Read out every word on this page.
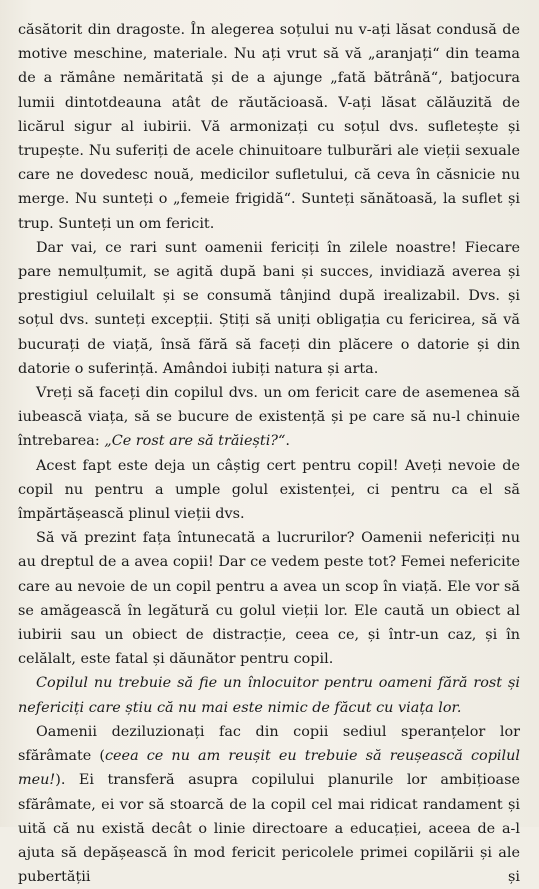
căsătorit din dragoste. În alegerea soțului nu v-ați lăsat condusă de motive meschine, materiale. Nu ați vrut să vă „aranjați“ din teama de a rămâne nemăritată și de a ajunge „fată bătrână“, batjocura lumii dintotdeauna atât de răutăcioasă. V-ați lăsat călăuzită de licărul sigur al iubirii. Vă armonizați cu soțul dvs. sufletește și trupește. Nu suferiți de acele chinuitoare tulburări ale vieții sexuale care ne dovedesc nouă, medicilor sufletului, că ceva în căsnicie nu merge. Nu sunteți o „femeie frigidă“. Sunteți sănătoasă, la suflet și trup. Sunteți un om fericit.

Dar vai, ce rari sunt oamenii fericiți în zilele noastre! Fiecare pare nemulțumit, se agită după bani și succes, invidiază averea și prestigiul celuilalt și se consumă tânjind după irealizabil. Dvs. și soțul dvs. sunteți excepții. Știți să uniți obligația cu fericirea, să vă bucurați de viață, însă fără să faceți din plăcere o datorie și din datorie o suferință. Amândoi iubiți natura și arta.

Vreți să faceți din copilul dvs. un om fericit care de asemenea să iubească viața, să se bucure de existență și pe care să nu-l chinuie întrebarea: „Ce rost are să trăiești?“.

Acest fapt este deja un câștig cert pentru copil! Aveți nevoie de copil nu pentru a umple golul existenței, ci pentru ca el să împărtășească plinul vieții dvs.

Să vă prezint fața întunecată a lucrurilor? Oamenii nefericiți nu au dreptul de a avea copii! Dar ce vedem peste tot? Femei nefericite care au nevoie de un copil pentru a avea un scop în viață. Ele vor să se amăgească în legătură cu golul vieții lor. Ele caută un obiect al iubirii sau un obiect de distracție, ceea ce, și într-un caz, și în celălalt, este fatal și dăunător pentru copil.

Copilul nu trebuie să fie un înlocuitor pentru oameni fără rost și nefericiți care știu că nu mai este nimic de făcut cu viața lor.

Oamenii deziluzionați fac din copii sediul speranțelor lor sfărâmate (ceea ce nu am reușit eu trebuie să reușească copilul meu!). Ei transferă asupra copilului planurile lor ambițioase sfărâmate, ei vor să stoarcă de la copil cel mai ridicat randament și uită că nu există decât o linie directoare a educației, aceea de a-l ajuta să depășească în mod fericit pericolele primei copilării și ale pubertății și
